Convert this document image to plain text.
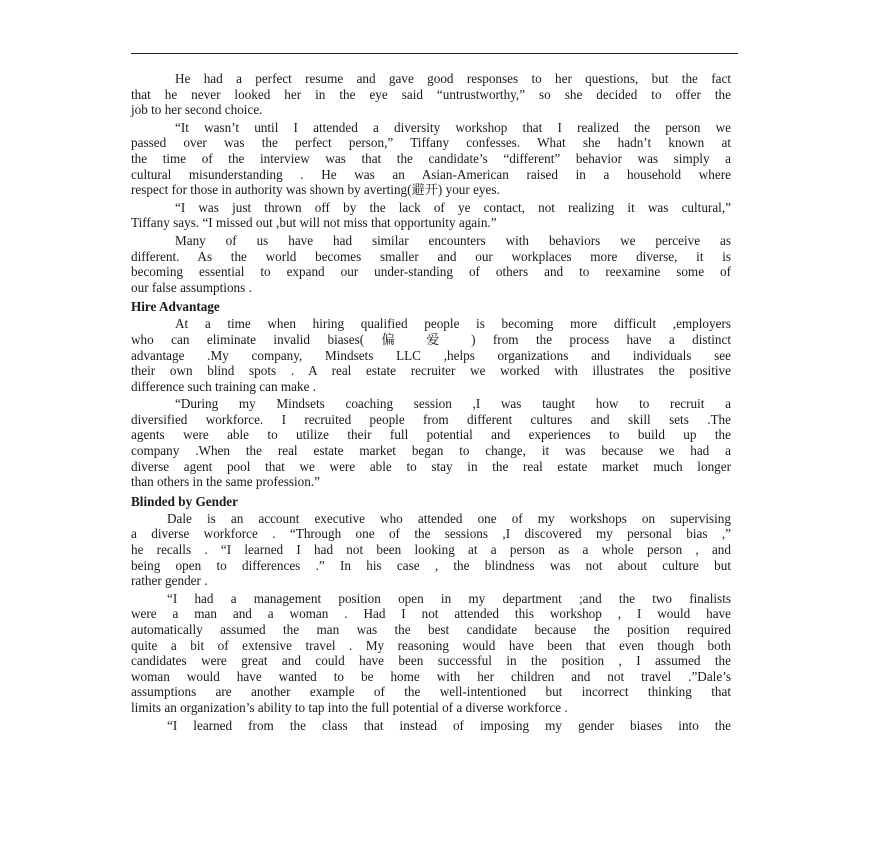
He had a perfect resume and gave good responses to her questions, but the fact
that he never looked her in the eye said “untrustworthy,” so she decided to offer the
job to her second choice.
“It wasn’t until I attended a diversity workshop that I realized the person we
passed over was the perfect person,” Tiffany confesses. What she hadn’t known at
the time of the interview was that the candidate’s “different” behavior was simply a
cultural misunderstanding . He was an Asian-American raised in a household where
respect for those in authority was shown by averting(避开) your eyes.
“I was just thrown off by the lack of ye contact, not realizing it was cultural,”
Tiffany says. “I missed out ,but will not miss that opportunity again.”
Many of us have had similar encounters with behaviors we perceive as
different. As the world becomes smaller and our workplaces more diverse, it is
becoming essential to expand our under-standing of others and to reexamine some of
our false assumptions .
Hire Advantage
At a time when hiring qualified people is becoming more difficult ,employers
who can eliminate invalid biases( 偏 爱 ) from the process have a distinct
advantage .My company, Mindsets LLC ,helps organizations and individuals see
their own blind spots . A real estate recruiter we worked with illustrates the positive
difference such training can make .
“During my Mindsets coaching session ,I was taught how to recruit a
diversified workforce. I recruited people from different cultures and skill sets .The
agents were able to utilize their full potential and experiences to build up the
company .When the real estate market began to change, it was because we had a
diverse agent pool that we were able to stay in the real estate market much longer
than others in the same profession.”
Blinded by Gender
Dale is an account executive who attended one of my workshops on supervising
a diverse workforce . “Through one of the sessions ,I discovered my personal bias ,”
he recalls . “I learned I had not been looking at a person as a whole person , and
being open to differences .” In his case , the blindness was not about culture but
rather gender .
“I had a management position open in my department ;and the two finalists
were a man and a woman . Had I not attended this workshop , I would have
automatically assumed the man was the best candidate because the position required
quite a bit of extensive travel . My reasoning would have been that even though both
candidates were great and could have been successful in the position , I assumed the
woman would have wanted to be home with her children and not travel .”Dale’s
assumptions are another example of the well-intentioned but incorrect thinking that
limits an organization’s ability to tap into the full potential of a diverse workforce .
“I learned from the class that instead of imposing my gender biases into the
